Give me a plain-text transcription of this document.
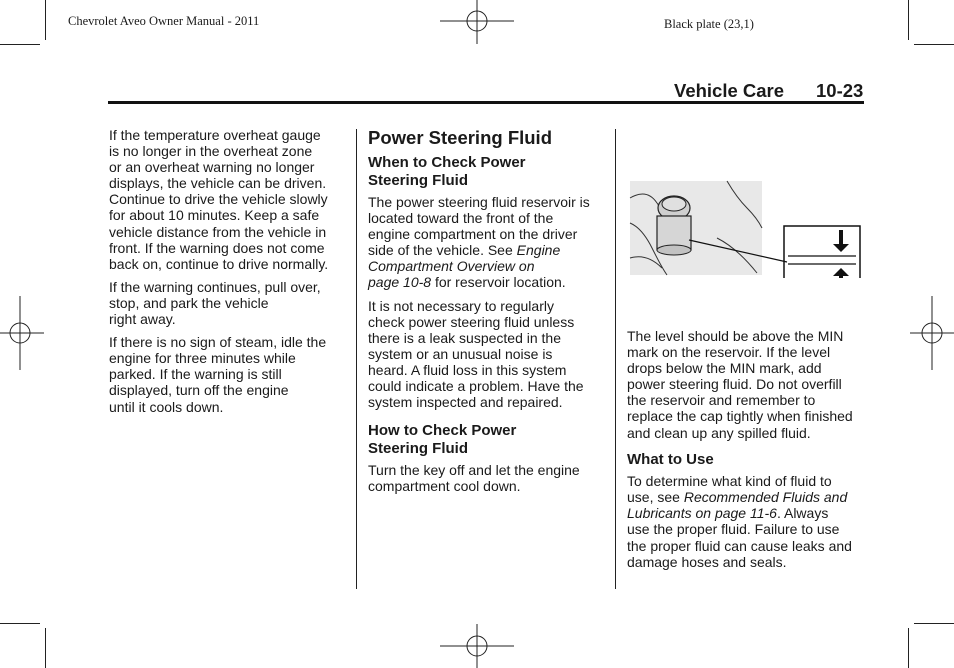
Chevrolet Aveo Owner Manual - 2011	Black plate (23,1)
Vehicle Care 10-23

If the temperature overheat gauge
is no longer in the overheat zone
or an overheat warning no longer
displays, the vehicle can be driven.
Continue to drive the vehicle slowly
for about 10 minutes. Keep a safe
vehicle distance from the vehicle in
front. If the warning does not come
back on, continue to drive normally.

If the warning continues, pull over,
stop, and park the vehicle
right away.

If there is no sign of steam, idle the
engine for three minutes while
parked. If the warning is still
displayed, turn off the engine
until it cools down.

Power Steering Fluid
When to Check Power
Steering Fluid

The power steering fluid reservoir is
located toward the front of the
engine compartment on the driver
side of the vehicle. See Engine
Compartment Overview on
page 10-8 for reservoir location.

It is not necessary to regularly
check power steering fluid unless
there is a leak suspected in the
system or an unusual noise is
heard. A fluid loss in this system
could indicate a problem. Have the
system inspected and repaired.

How to Check Power
Steering Fluid

Turn the key off and let the engine
compartment cool down.

The level should be above the MIN
mark on the reservoir. If the level
drops below the MIN mark, add
power steering fluid. Do not overfill
the reservoir and remember to
replace the cap tightly when finished
and clean up any spilled fluid.

What to Use

To determine what kind of fluid to
use, see Recommended Fluids and
Lubricants on page 11-6. Always
use the proper fluid. Failure to use
the proper fluid can cause leaks and
damage hoses and seals.
